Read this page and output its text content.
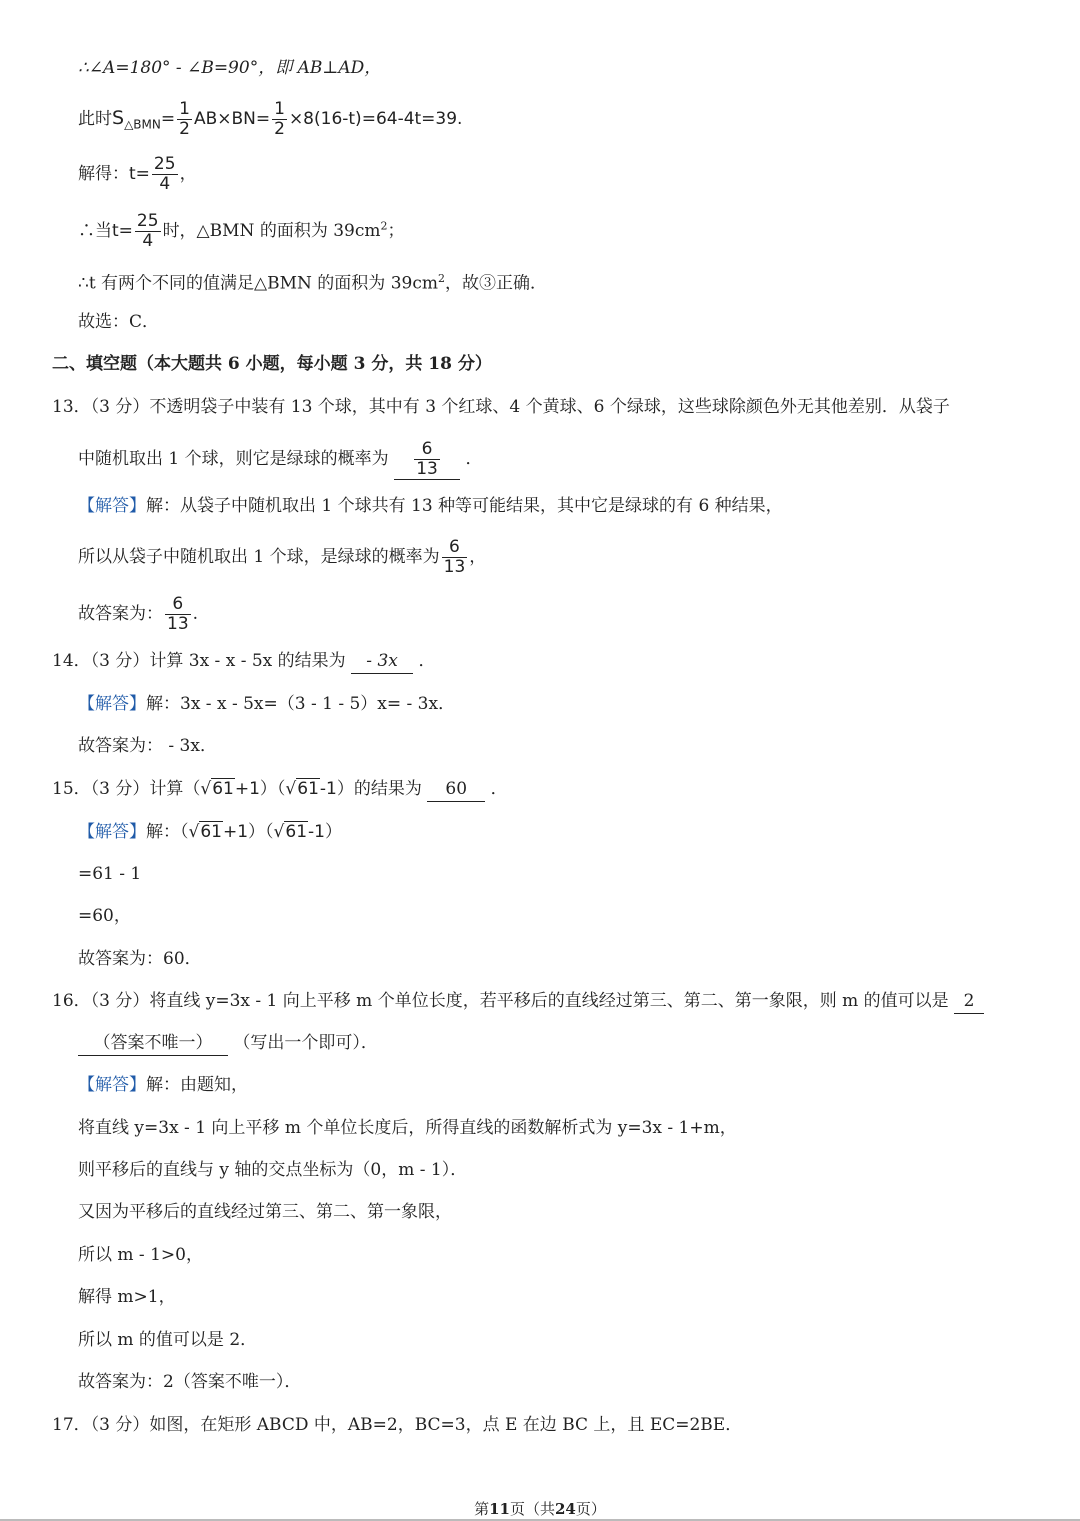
∴∠A=180° - ∠B=90°，即 AB⊥AD，
此时$S_{\triangle BMN}= \frac{1}{2} AB\times BN= \frac{1}{2} \times 8(16-t)=64-4t=39$.
解得：$t= \frac{25}{4}$ ，
∴当$t= \frac{25}{4}$ 时，△BMN 的面积为 $39cm^2$；
∴t 有两个不同的值满足△BMN 的面积为 $39cm^2$，故③正确．
故选：C．
二、填空题（本大题共 6 小题，每小题 3 分，共 18 分）
13．（3 分）不透明袋子中装有 13 个球，其中有 3 个红球、4 个黄球、6 个绿球，这些球除颜色外无其他差别．从袋子
中随机取出 1 个球，则它是绿球的概率为 $\frac{6}{13}$ ．
【解答】解：从袋子中随机取出 1 个球共有 13 种等可能结果，其中它是绿球的有 6 种结果，
所以从袋子中随机取出 1 个球，是绿球的概率为 $\frac{6}{13}$ ，
故答案为： $\frac{6}{13}$ .
14．（3 分）计算 3x - x - 5x 的结果为 - 3x ．
【解答】解：3x - x - 5x=（3 - 1 - 5）x= - 3x．
故答案为： - 3x．
15．（3 分）计算（√61+1）（√61-1）的结果为 60 ．
【解答】解：（√61+1）（√61-1）
=61 - 1
=60，
故答案为：60．
16．（3 分）将直线 y=3x - 1 向上平移 m 个单位长度，若平移后的直线经过第三、第二、第一象限，则 m 的值可以是 2
（答案不唯一） （写出一个即可）．
【解答】解：由题知，
将直线 y=3x - 1 向上平移 m 个单位长度后，所得直线的函数解析式为 y=3x - 1+m，
则平移后的直线与 y 轴的交点坐标为（0，m - 1）．
又因为平移后的直线经过第三、第二、第一象限，
所以 m - 1>0，
解得 m>1，
所以 m 的值可以是 2．
故答案为：2（答案不唯一）．
17．（3 分）如图，在矩形 ABCD 中，AB=2，BC=3，点 E 在边 BC 上，且 EC=2BE．
第11页（共24页）
